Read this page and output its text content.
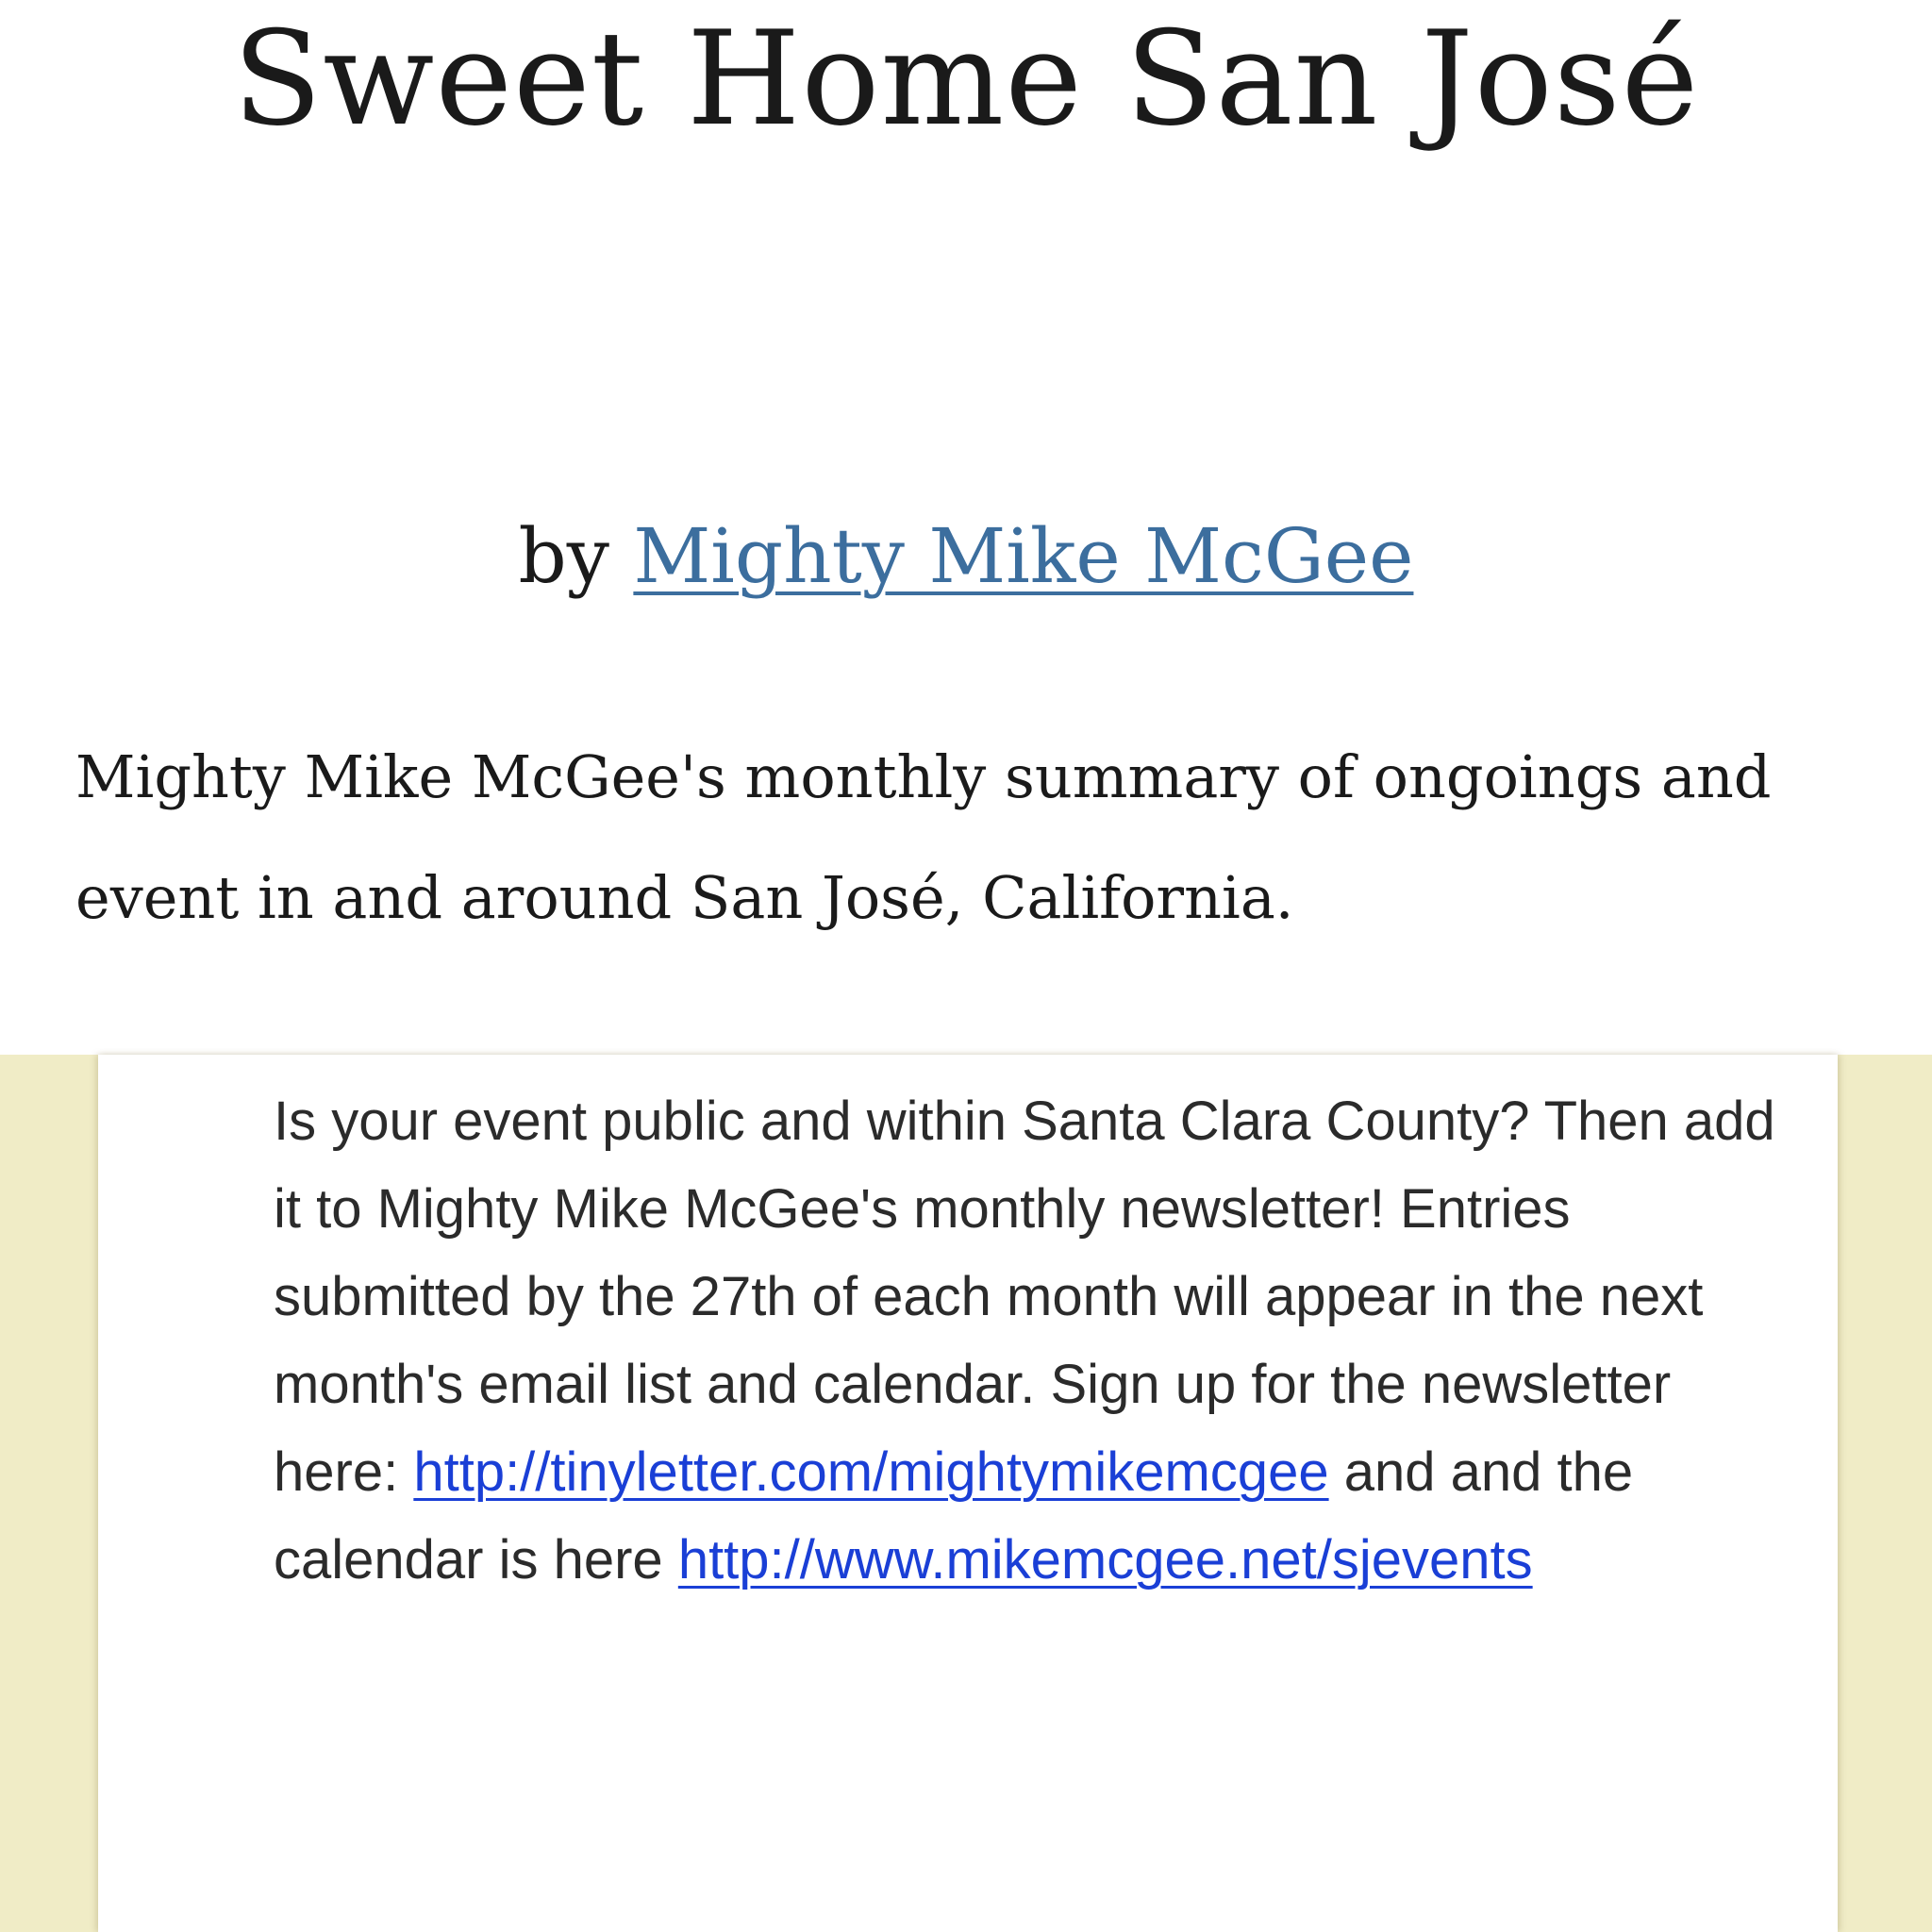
Sweet Home San José
by Mighty Mike McGee

Mighty Mike McGee's monthly summary of ongoings and event in and around San José, California.

Is your event public and within Santa Clara County? Then add it to Mighty Mike McGee's monthly newsletter! Entries submitted by the 27th of each month will appear in the next month's email list and calendar. Sign up for the newsletter here: http://tinyletter.com/mightymikemcgee and and the calendar is here http://www.mikemcgee.net/sjevents
